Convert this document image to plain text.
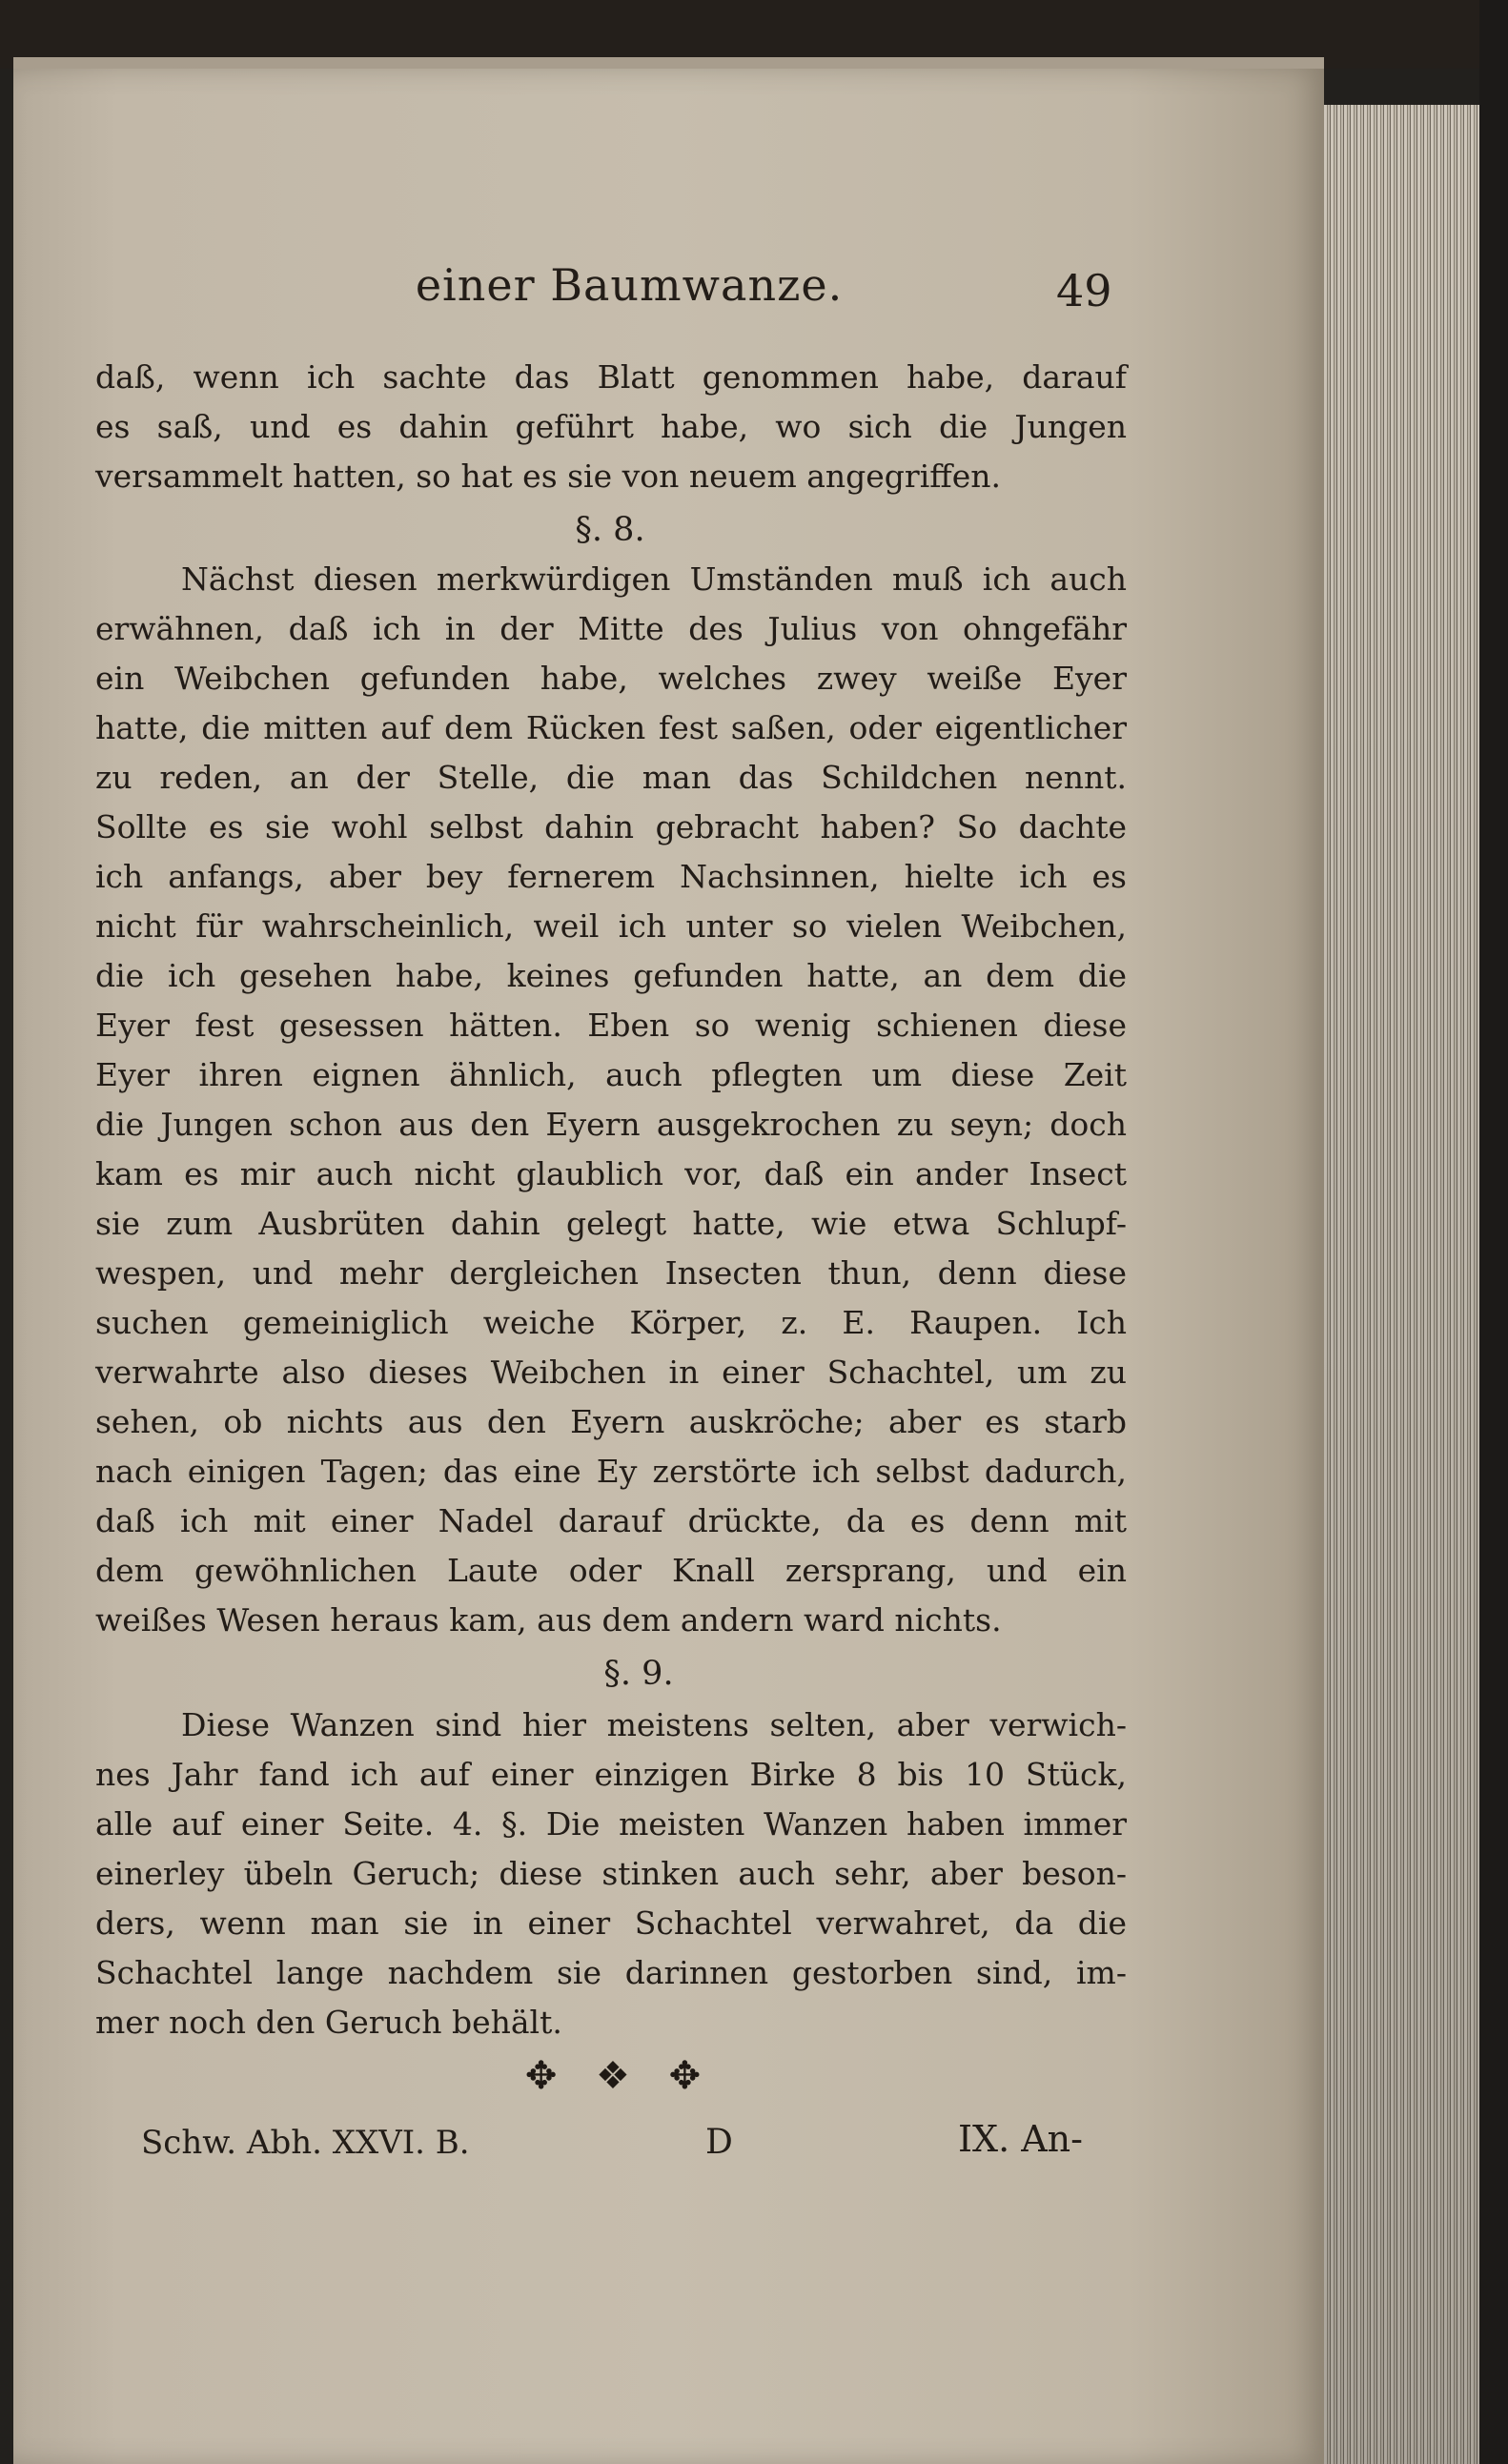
einer Baumwanze.	49
daß, wenn ich sachte das Blatt genommen habe, darauf
es saß, und es dahin geführt habe, wo sich die Jungen
versammelt hatten, so hat es sie von neuem angegriffen.
§. 8.
Nächst diesen merkwürdigen Umständen muß ich auch
erwähnen, daß ich in der Mitte des Julius von ohngefähr
ein Weibchen gefunden habe, welches zwey weiße Eyer
hatte, die mitten auf dem Rücken fest saßen, oder eigentlicher
zu reden, an der Stelle, die man das Schildchen nennt.
Sollte es sie wohl selbst dahin gebracht haben? So dachte
ich anfangs, aber bey fernerem Nachsinnen, hielte ich es
nicht für wahrscheinlich, weil ich unter so vielen Weibchen,
die ich gesehen habe, keines gefunden hatte, an dem die
Eyer fest gesessen hätten. Eben so wenig schienen diese
Eyer ihren eignen ähnlich, auch pflegten um diese Zeit
die Jungen schon aus den Eyern ausgekrochen zu seyn; doch
kam es mir auch nicht glaublich vor, daß ein ander Insect
sie zum Ausbrüten dahin gelegt hatte, wie etwa Schlupf-
wespen, und mehr dergleichen Insecten thun, denn diese
suchen gemeiniglich weiche Körper, z. E. Raupen. Ich
verwahrte also dieses Weibchen in einer Schachtel, um zu
sehen, ob nichts aus den Eyern auskröche; aber es starb
nach einigen Tagen; das eine Ey zerstörte ich selbst dadurch,
daß ich mit einer Nadel darauf drückte, da es denn mit
dem gewöhnlichen Laute oder Knall zersprang, und ein
weißes Wesen heraus kam, aus dem andern ward nichts.
§. 9.
Diese Wanzen sind hier meistens selten, aber verwich-
nes Jahr fand ich auf einer einzigen Birke 8 bis 10 Stück,
alle auf einer Seite. 4. §. Die meisten Wanzen haben immer
einerley übeln Geruch; diese stinken auch sehr, aber beson-
ders, wenn man sie in einer Schachtel verwahret, da die
Schachtel lange nachdem sie darinnen gestorben sind, im-
mer noch den Geruch behält.
✥ ❖ ✥
Schw. Abh. XXVI. B.	D	IX. An-
